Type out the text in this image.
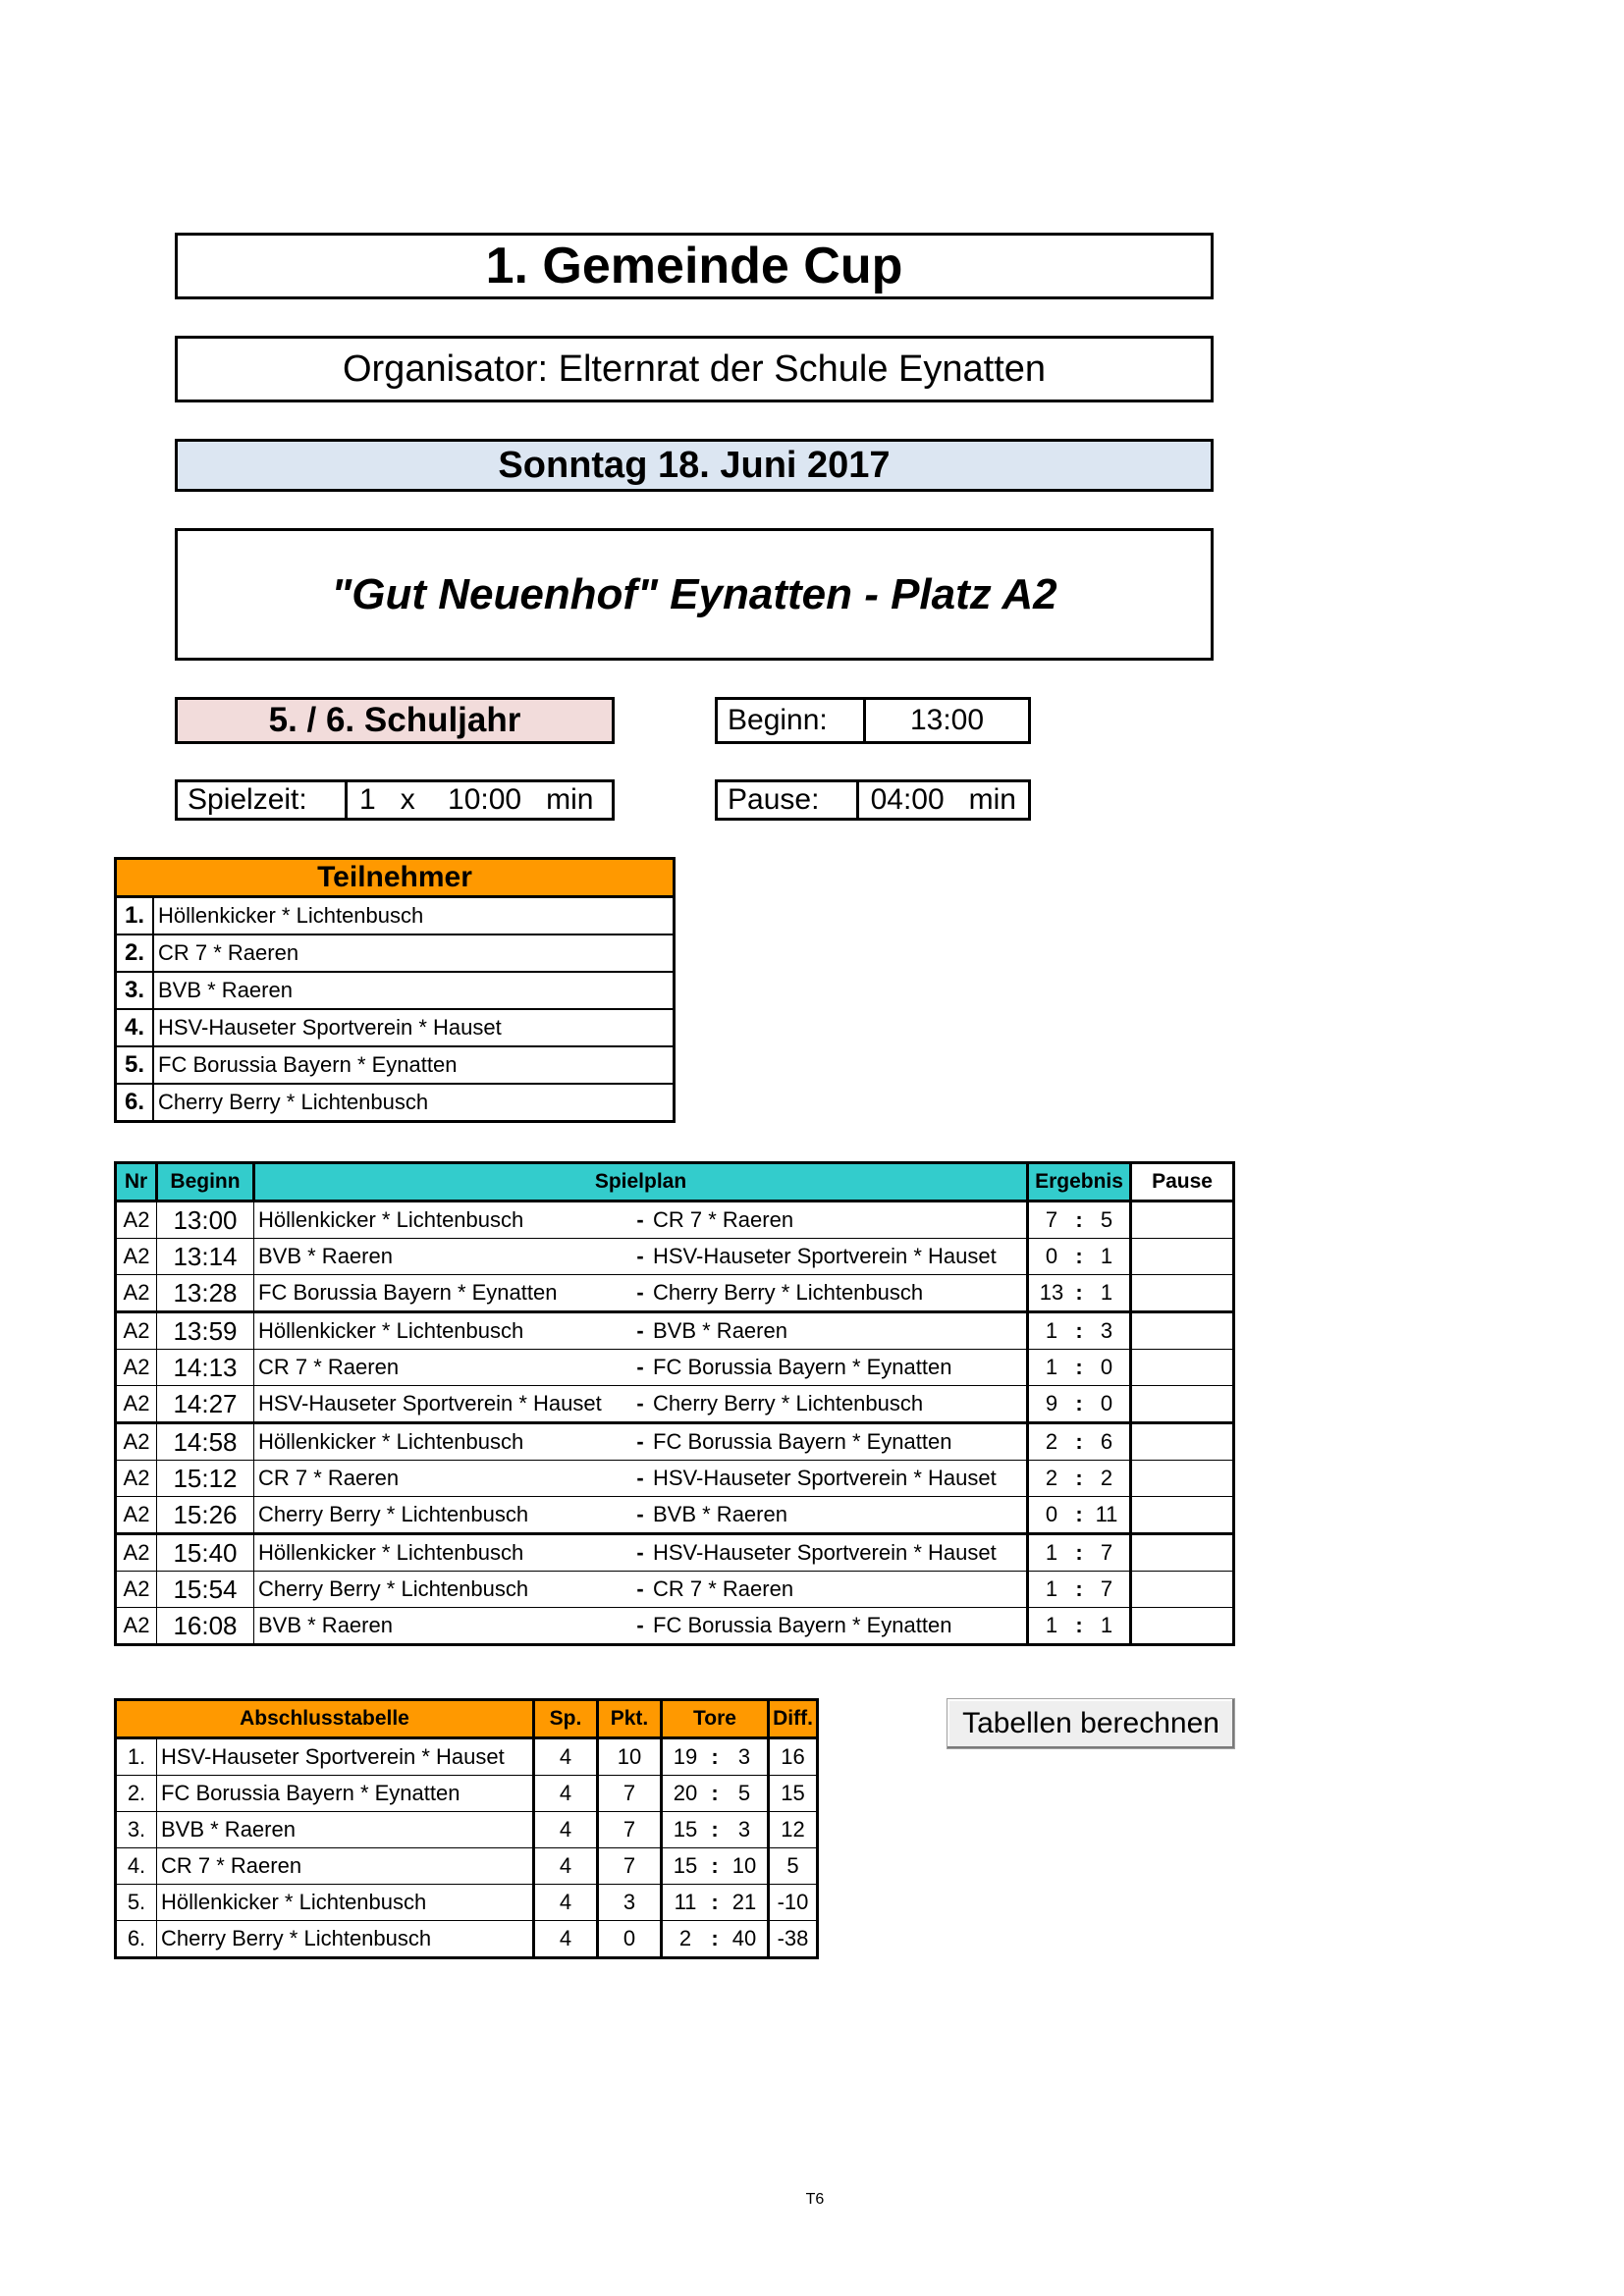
1. Gemeinde Cup
Organisator: Elternrat der Schule Eynatten
Sonntag 18. Juni 2017
"Gut Neuenhof" Eynatten - Platz A2
5. / 6. Schuljahr	Beginn:	13:00
Spielzeit:	1   x    10:00   min	Pause:	04:00   min
Teilnehmer	
1.	Höllenkicker * Lichtenbusch
2.	CR 7 * Raeren
3.	BVB * Raeren
4.	HSV-Hauseter Sportverein * Hauset
5.	FC Borussia Bayern * Eynatten
6.	Cherry Berry * Lichtenbusch
Nr	Beginn	Spielplan			Ergebnis	Pause
A2	13:00	Höllenkicker * Lichtenbusch	-	CR 7 * Raeren	7 : 5	

A2	13:14	BVB * Raeren	-	HSV-Hauseter Sportverein * Hauset	0 : 1	

A2	13:28	FC Borussia Bayern * Eynatten	-	Cherry Berry * Lichtenbusch	13 : 1	

A2	13:59	Höllenkicker * Lichtenbusch	-	BVB * Raeren	1 : 3	

A2	14:13	CR 7 * Raeren	-	FC Borussia Bayern * Eynatten	1 : 0	

A2	14:27	HSV-Hauseter Sportverein * Hauset	-	Cherry Berry * Lichtenbusch	9 : 0	

A2	14:58	Höllenkicker * Lichtenbusch	-	FC Borussia Bayern * Eynatten	2 : 6	

A2	15:12	CR 7 * Raeren	-	HSV-Hauseter Sportverein * Hauset	2 : 2	

A2	15:26	Cherry Berry * Lichtenbusch	-	BVB * Raeren	0 : 11	

A2	15:40	Höllenkicker * Lichtenbusch	-	HSV-Hauseter Sportverein * Hauset	1 : 7	

A2	15:54	Cherry Berry * Lichtenbusch	-	CR 7 * Raeren	1 : 7	

A2	16:08	BVB * Raeren	-	FC Borussia Bayern * Eynatten	1 : 1	

Abschlusstabelle		Sp.	Pkt.	Tore	Diff.
1.	HSV-Hauseter Sportverein * Hauset	4	10	19 : 3	16
2.	FC Borussia Bayern * Eynatten	4	7	20 : 5	15
3.	BVB * Raeren	4	7	15 : 3	12
4.	CR 7 * Raeren	4	7	15 : 10	5
5.	Höllenkicker * Lichtenbusch	4	3	11 : 21	-10
6.	Cherry Berry * Lichtenbusch	4	0	2 : 40	-38
Tabellen berechnen
T6
